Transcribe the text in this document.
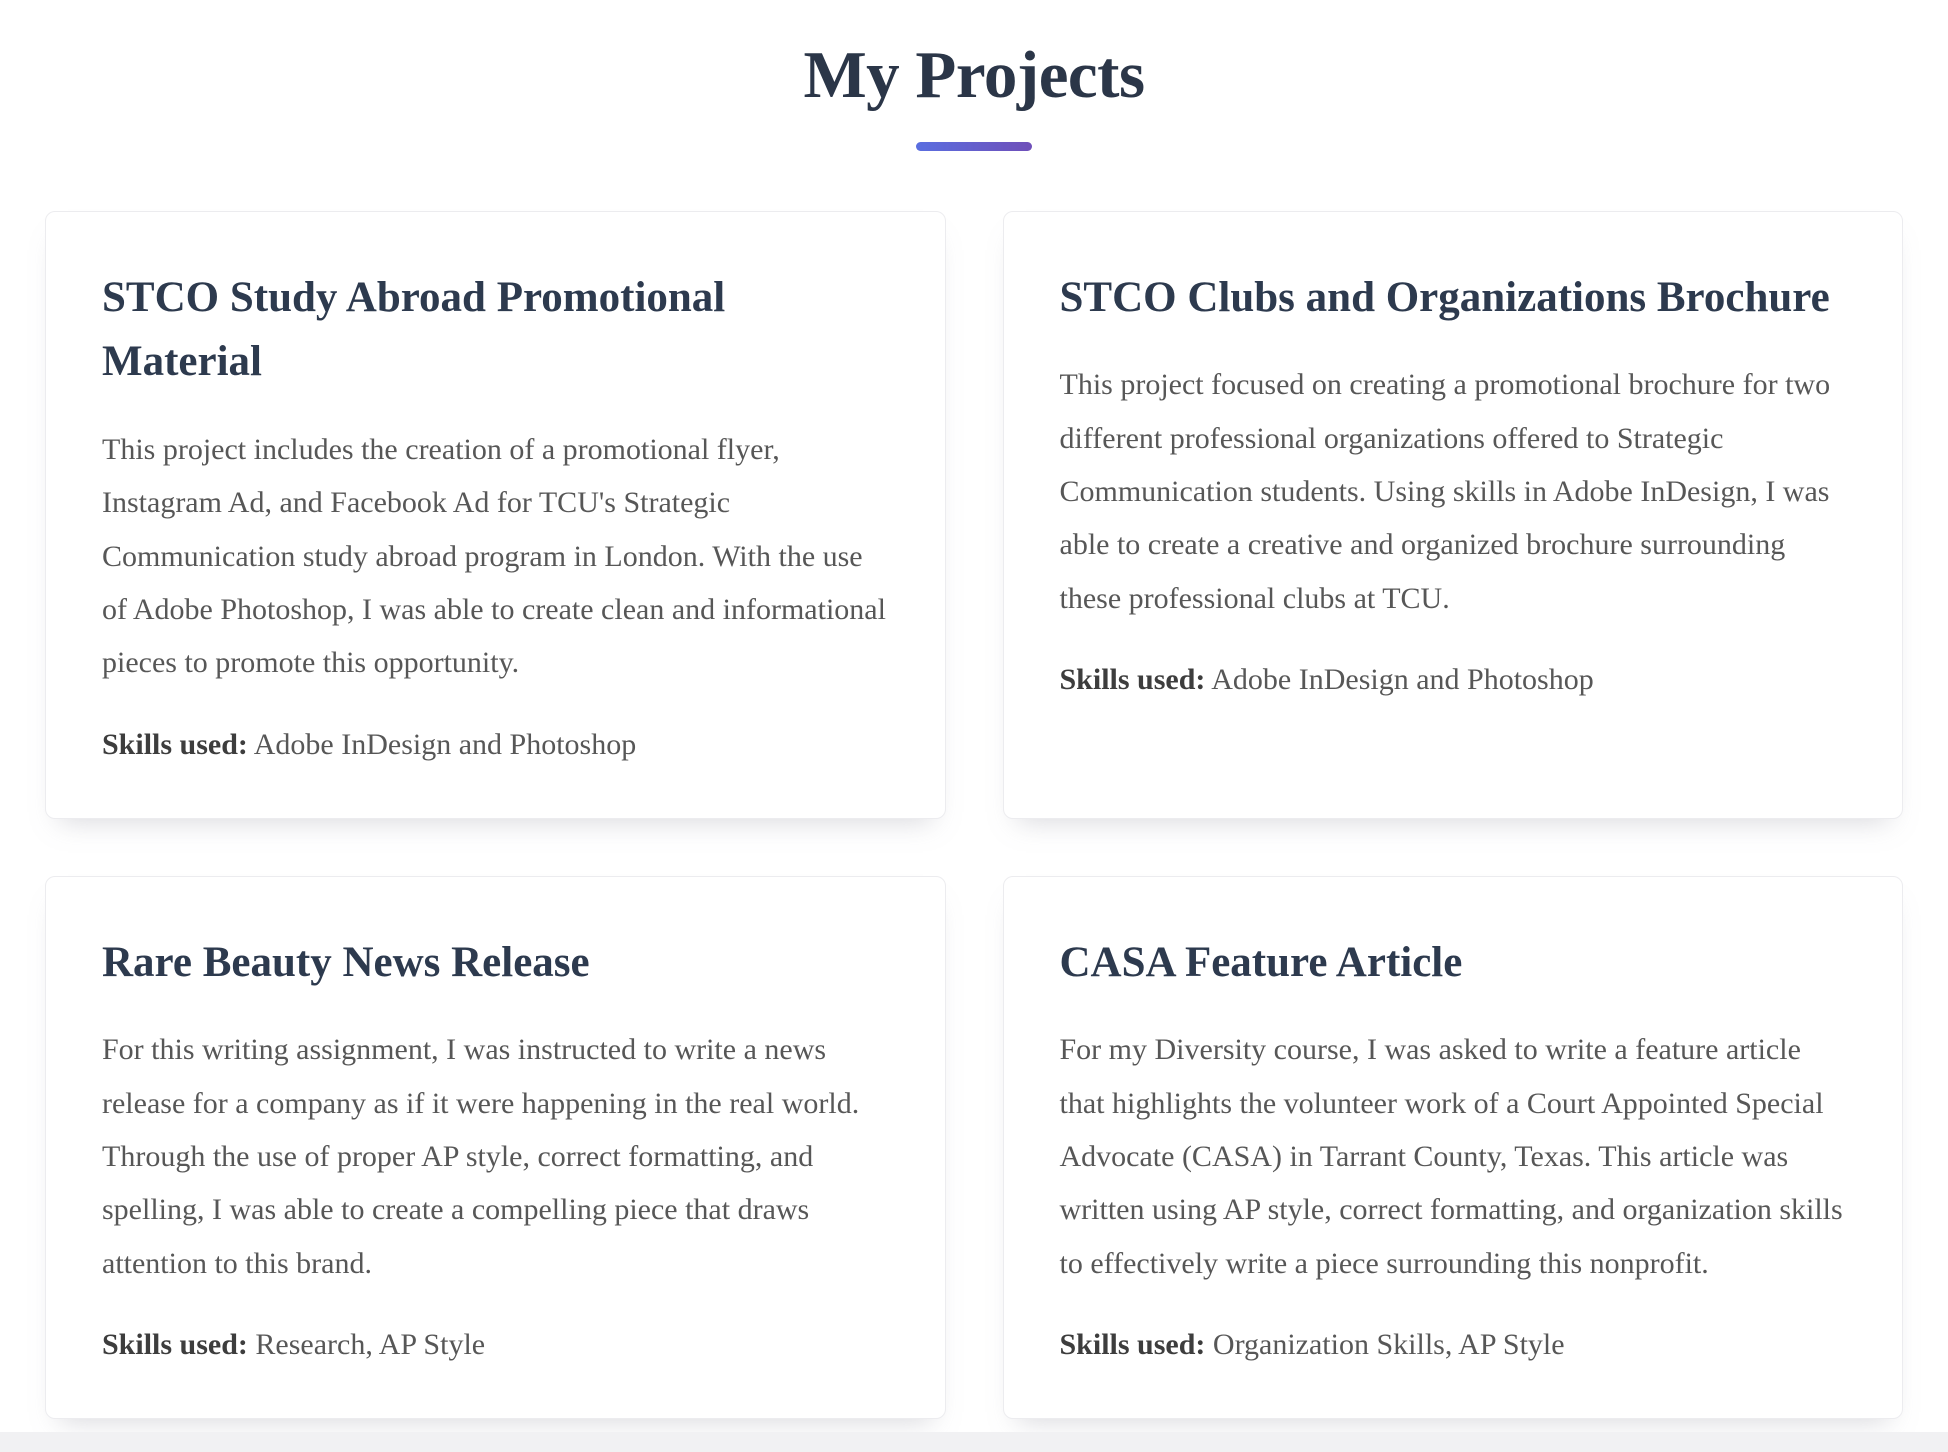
My Projects
STCO Study Abroad Promotional Material

This project includes the creation of a promotional flyer, Instagram Ad, and Facebook Ad for TCU's Strategic Communication study abroad program in London. With the use of Adobe Photoshop, I was able to create clean and informational pieces to promote this opportunity.

Skills used: Adobe InDesign and Photoshop

STCO Clubs and Organizations Brochure

This project focused on creating a promotional brochure for two different professional organizations offered to Strategic Communication students. Using skills in Adobe InDesign, I was able to create a creative and organized brochure surrounding these professional clubs at TCU.

Skills used: Adobe InDesign and Photoshop

Rare Beauty News Release

For this writing assignment, I was instructed to write a news release for a company as if it were happening in the real world. Through the use of proper AP style, correct formatting, and spelling, I was able to create a compelling piece that draws attention to this brand.

Skills used: Research, AP Style

CASA Feature Article

For my Diversity course, I was asked to write a feature article that highlights the volunteer work of a Court Appointed Special Advocate (CASA) in Tarrant County, Texas. This article was written using AP style, correct formatting, and organization skills to effectively write a piece surrounding this nonprofit.

Skills used: Organization Skills, AP Style
